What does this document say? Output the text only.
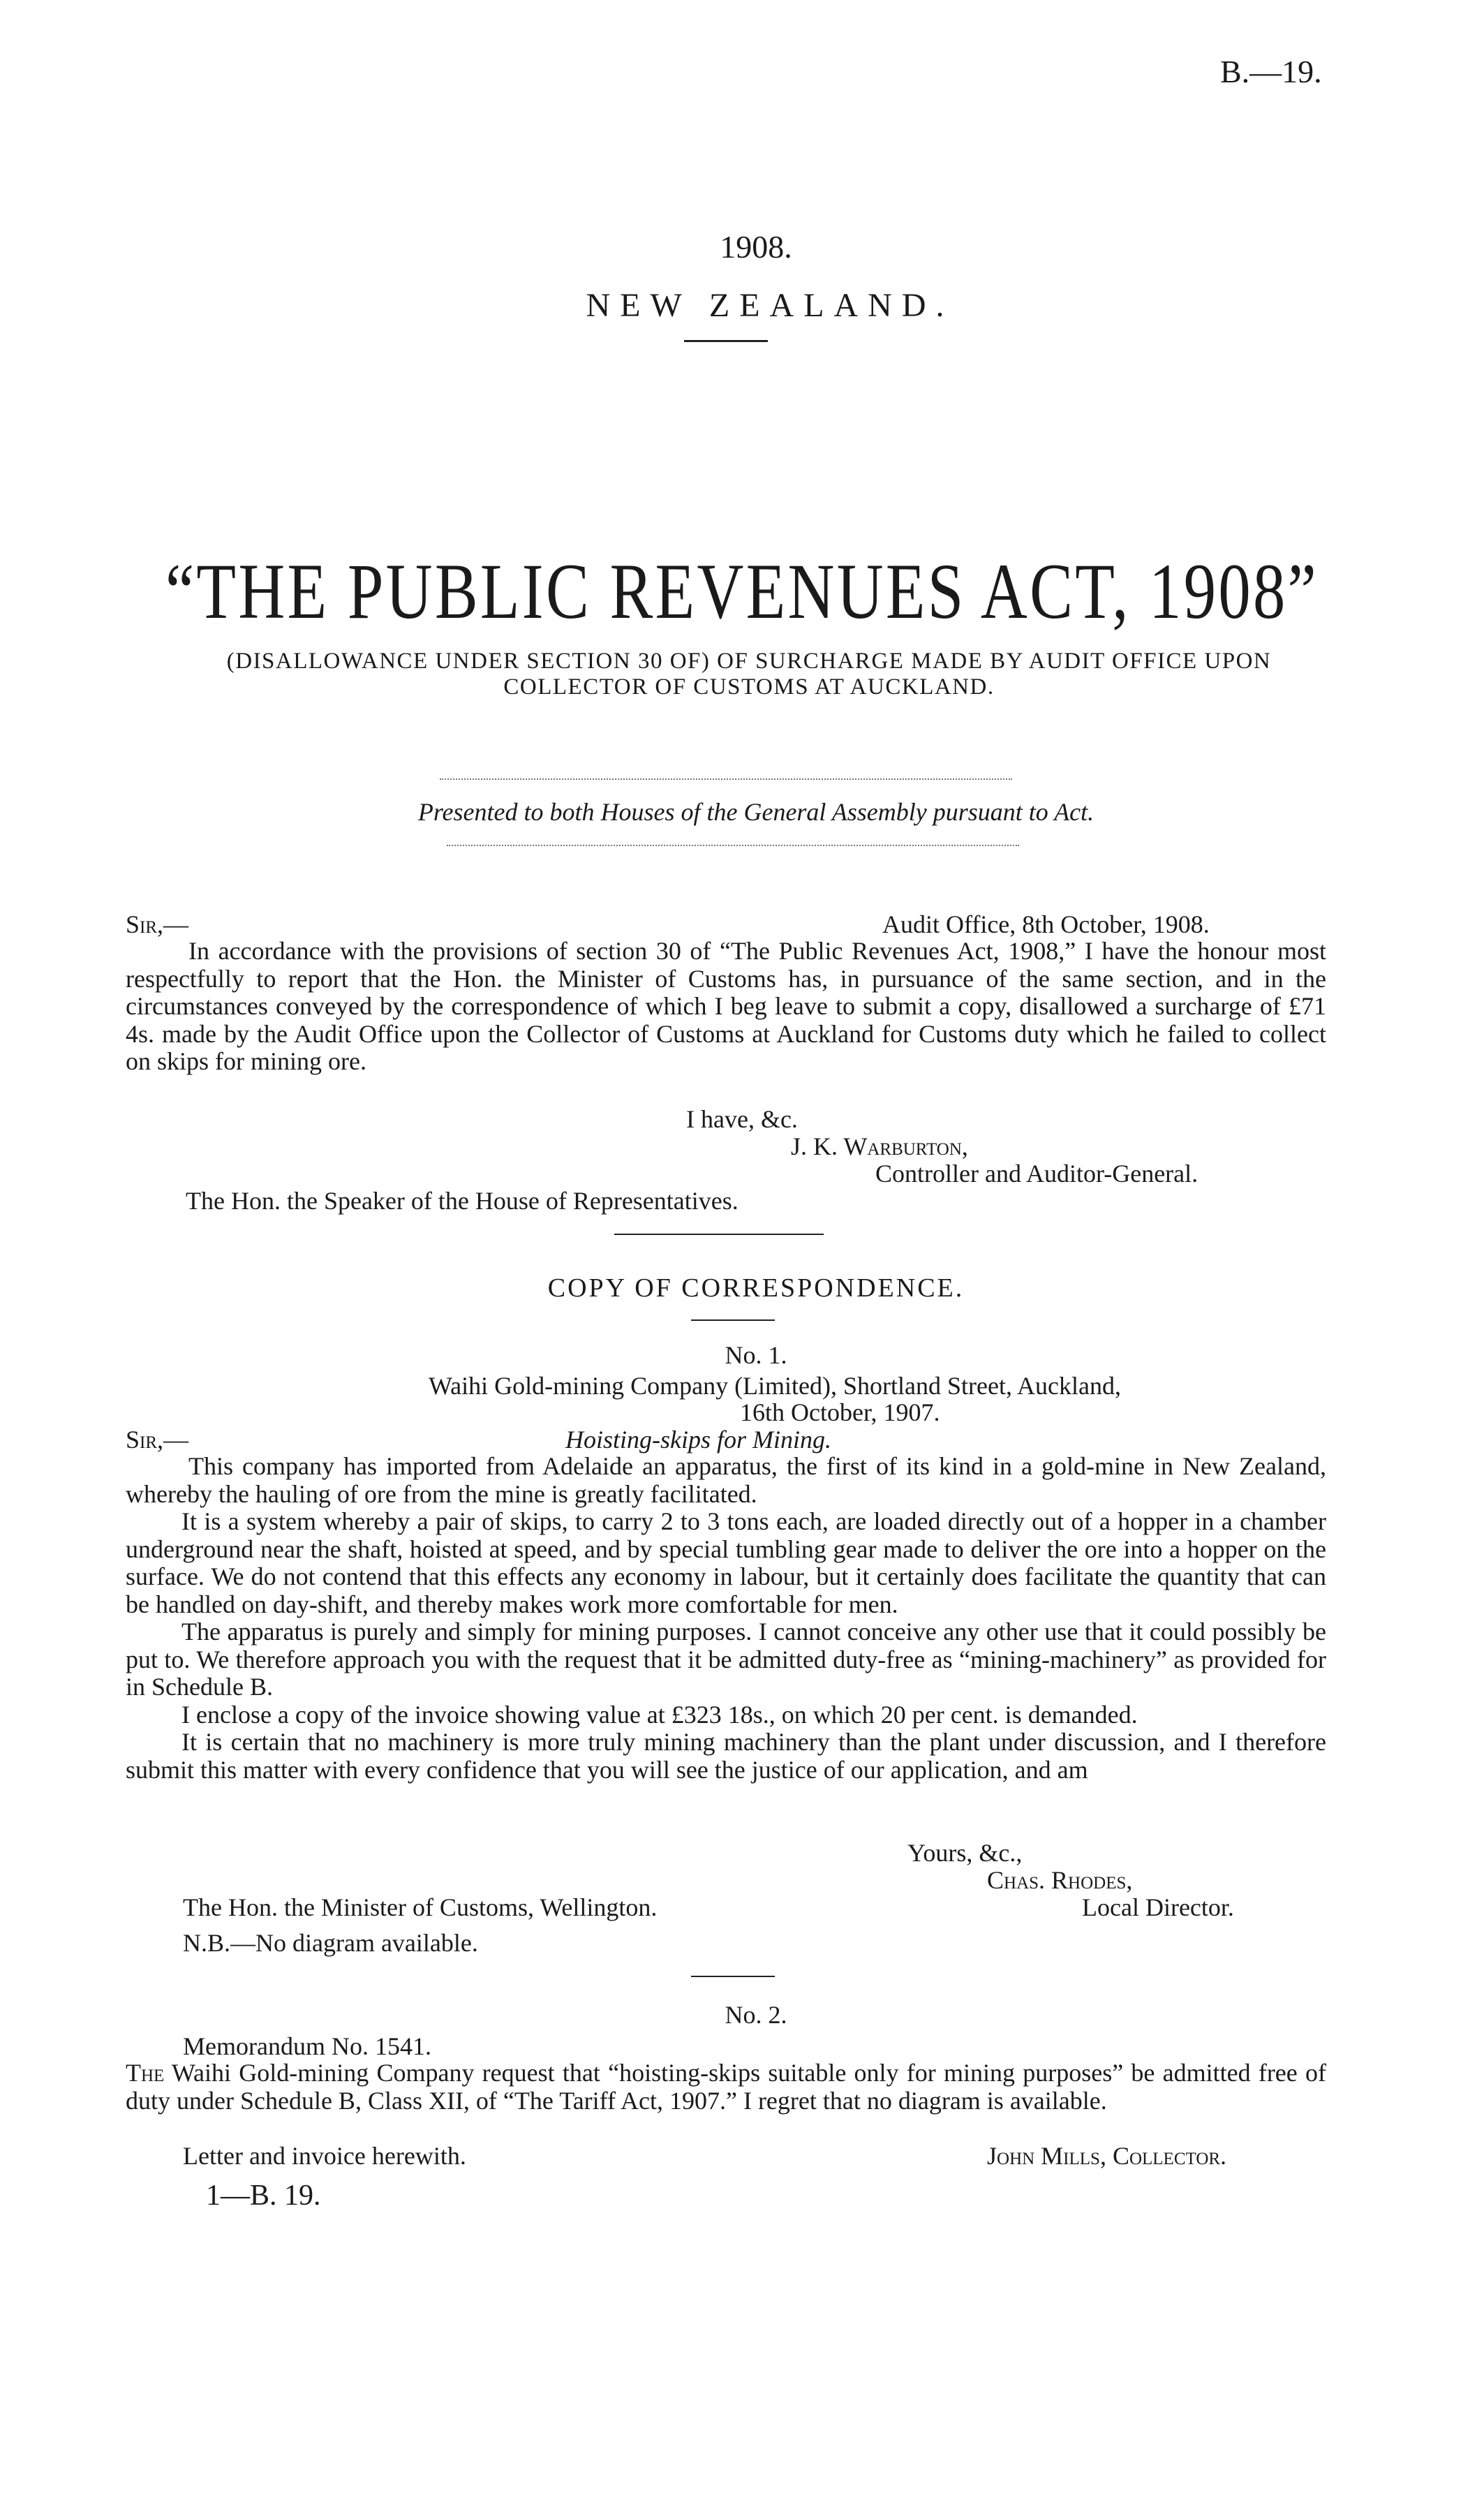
B.—19.
1908.
NEW ZEALAND.
“THE PUBLIC REVENUES ACT, 1908”
(DISALLOWANCE UNDER SECTION 30 OF) OF SURCHARGE MADE BY AUDIT OFFICE UPON
COLLECTOR OF CUSTOMS AT AUCKLAND.
Presented to both Houses of the General Assembly pursuant to Act.
Sir,—	Audit Office, 8th October, 1908.
In accordance with the provisions of section 30 of “The Public Revenues Act, 1908,” I have the honour most respectfully to report that the Hon. the Minister of Customs has, in pursuance of the same section, and in the circumstances conveyed by the correspondence of which I beg leave to submit a copy, disallowed a surcharge of £71 4s. made by the Audit Office upon the Collector of Customs at Auckland for Customs duty which he failed to collect on skips for mining ore.
I have, &c.
J. K. Warburton,
Controller and Auditor-General.
The Hon. the Speaker of the House of Representatives.
COPY OF CORRESPONDENCE.
No. 1.
Waihi Gold-mining Company (Limited), Shortland Street, Auckland,
16th October, 1907.
Sir,—	Hoisting-skips for Mining.
This company has imported from Adelaide an apparatus, the first of its kind in a gold-mine in New Zealand, whereby the hauling of ore from the mine is greatly facilitated.
It is a system whereby a pair of skips, to carry 2 to 3 tons each, are loaded directly out of a hopper in a chamber underground near the shaft, hoisted at speed, and by special tumbling gear made to deliver the ore into a hopper on the surface. We do not contend that this effects any economy in labour, but it certainly does facilitate the quantity that can be handled on day-shift, and thereby makes work more comfortable for men.
The apparatus is purely and simply for mining purposes. I cannot conceive any other use that it could possibly be put to. We therefore approach you with the request that it be admitted duty-free as “mining-machinery” as provided for in Schedule B.
I enclose a copy of the invoice showing value at £323 18s., on which 20 per cent. is demanded.
It is certain that no machinery is more truly mining machinery than the plant under discussion, and I therefore submit this matter with every confidence that you will see the justice of our application, and am
Yours, &c.,
Chas. Rhodes,
The Hon. the Minister of Customs, Wellington.	Local Director.
N.B.—No diagram available.
No. 2.
Memorandum No. 1541.
The Waihi Gold-mining Company request that “hoisting-skips suitable only for mining purposes” be admitted free of duty under Schedule B, Class XII, of “The Tariff Act, 1907.” I regret that no diagram is available.
Letter and invoice herewith.	John Mills, Collector.
1—B. 19.
